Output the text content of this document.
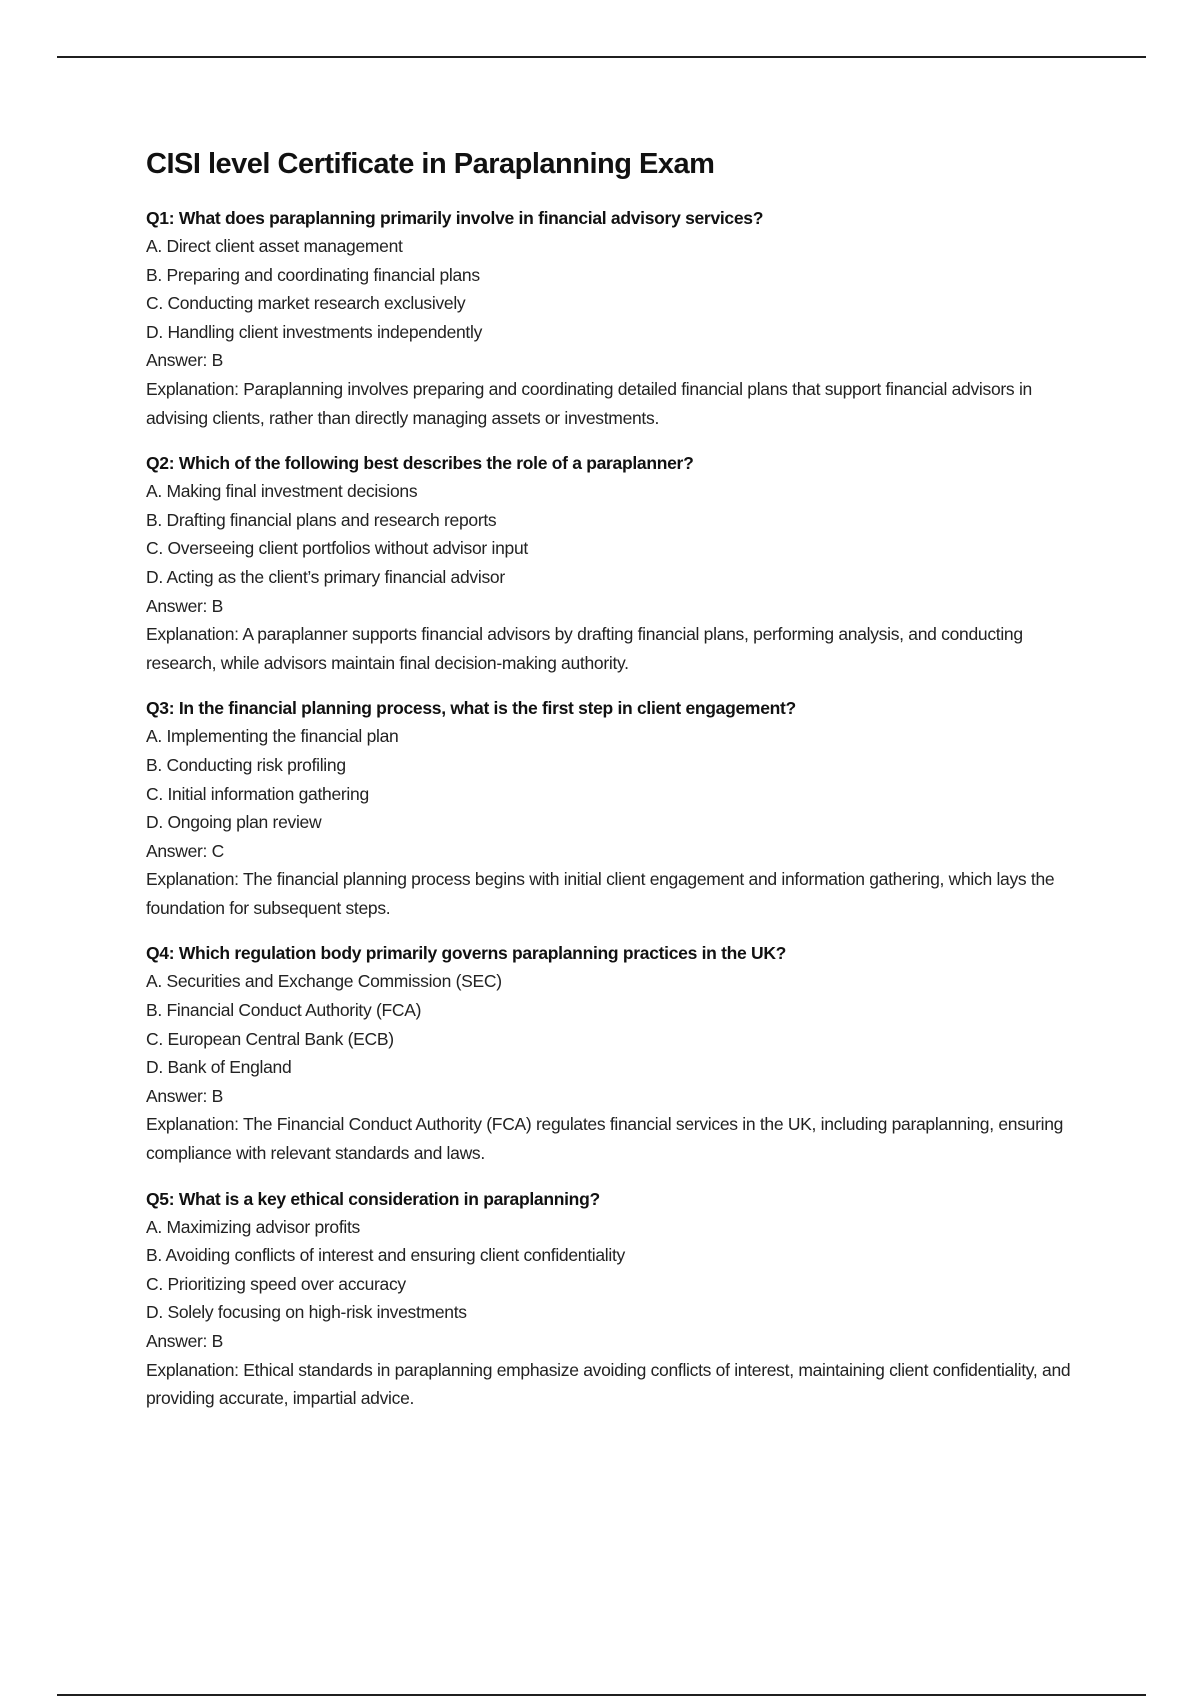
CISI level Certificate in Paraplanning Exam
Q1: What does paraplanning primarily involve in financial advisory services?
A. Direct client asset management
B. Preparing and coordinating financial plans
C. Conducting market research exclusively
D. Handling client investments independently
Answer: B
Explanation: Paraplanning involves preparing and coordinating detailed financial plans that support financial advisors in advising clients, rather than directly managing assets or investments.
Q2: Which of the following best describes the role of a paraplanner?
A. Making final investment decisions
B. Drafting financial plans and research reports
C. Overseeing client portfolios without advisor input
D. Acting as the client’s primary financial advisor
Answer: B
Explanation: A paraplanner supports financial advisors by drafting financial plans, performing analysis, and conducting research, while advisors maintain final decision-making authority.
Q3: In the financial planning process, what is the first step in client engagement?
A. Implementing the financial plan
B. Conducting risk profiling
C. Initial information gathering
D. Ongoing plan review
Answer: C
Explanation: The financial planning process begins with initial client engagement and information gathering, which lays the foundation for subsequent steps.
Q4: Which regulation body primarily governs paraplanning practices in the UK?
A. Securities and Exchange Commission (SEC)
B. Financial Conduct Authority (FCA)
C. European Central Bank (ECB)
D. Bank of England
Answer: B
Explanation: The Financial Conduct Authority (FCA) regulates financial services in the UK, including paraplanning, ensuring compliance with relevant standards and laws.
Q5: What is a key ethical consideration in paraplanning?
A. Maximizing advisor profits
B. Avoiding conflicts of interest and ensuring client confidentiality
C. Prioritizing speed over accuracy
D. Solely focusing on high-risk investments
Answer: B
Explanation: Ethical standards in paraplanning emphasize avoiding conflicts of interest, maintaining client confidentiality, and providing accurate, impartial advice.
